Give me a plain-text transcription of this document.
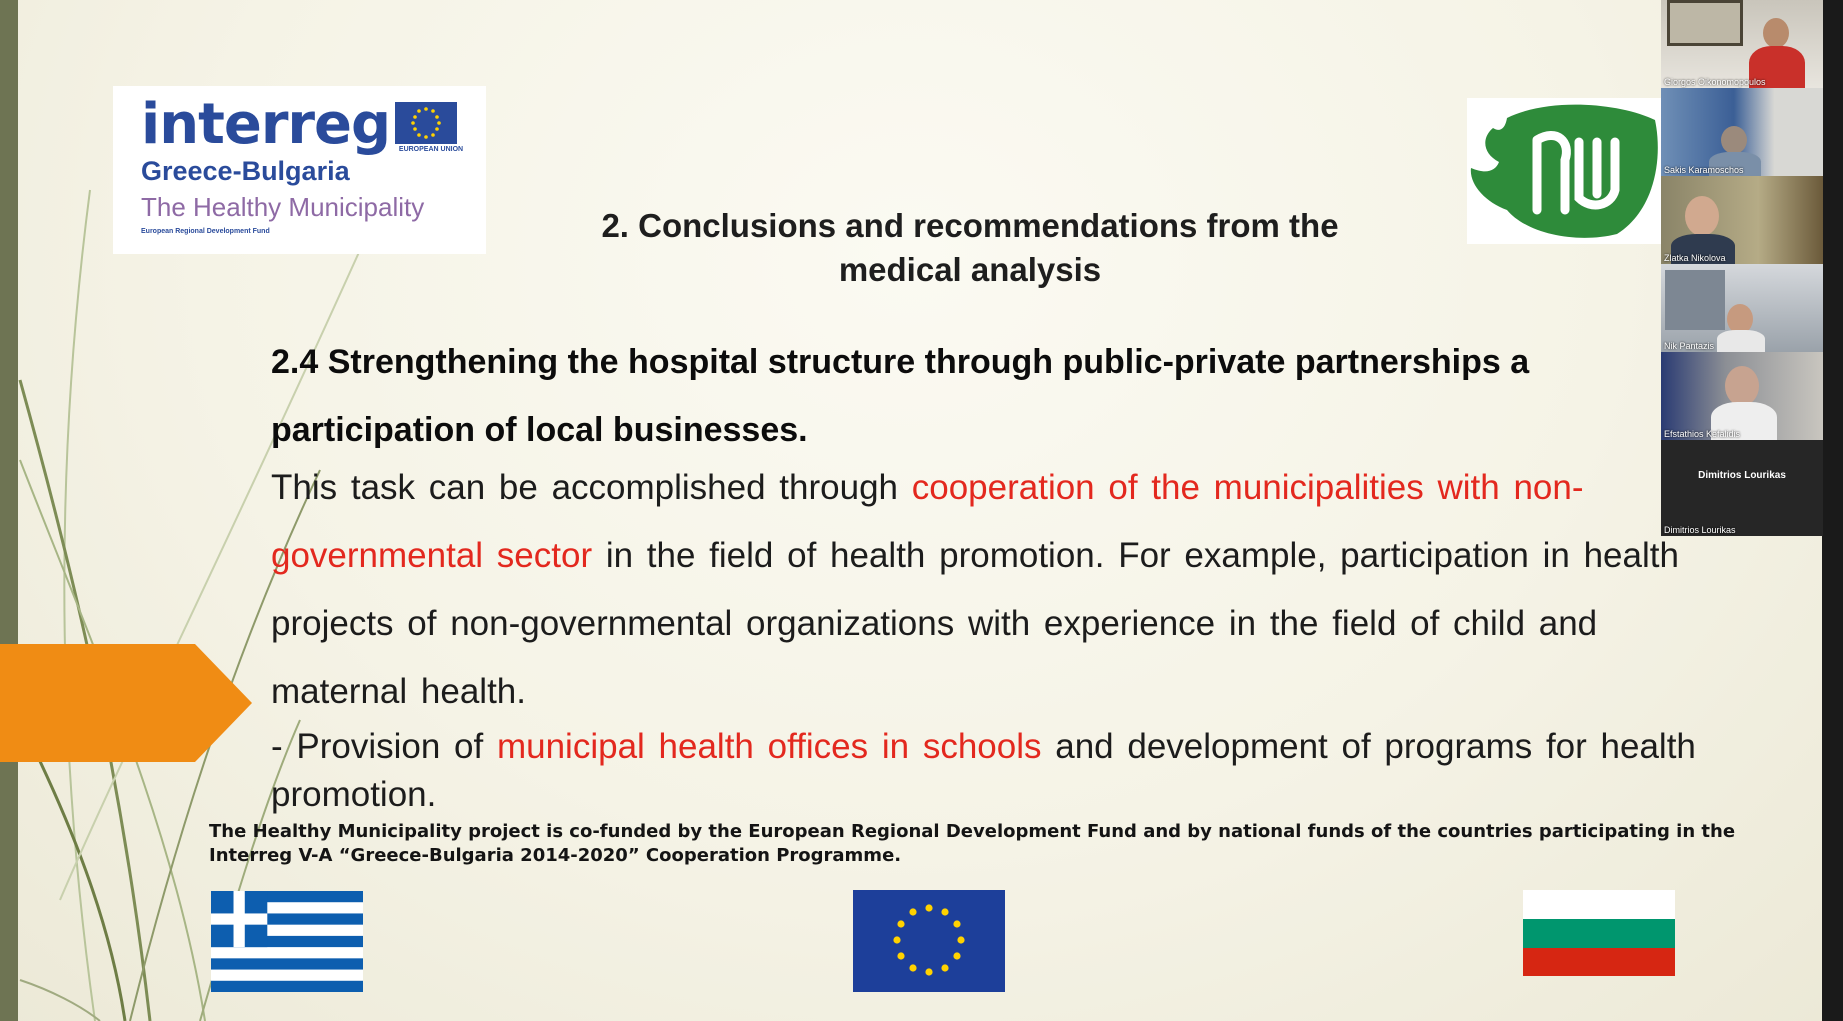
interreg	EUROPEAN UNION
Greece-Bulgaria
The Healthy Municipality
European Regional Development Fund	2. Conclusions and recommendations from the
medical analysis
2.4 Strengthening the hospital structure through public-private partnerships a
participation of local businesses.
This task can be accomplished through cooperation of the municipalities with non-
governmental sector in the field of health promotion. For example, participation in health
projects of non-governmental organizations with experience in the field of child and
maternal health.
- Provision of municipal health offices in schools and development of programs for health
promotion.
The Healthy Municipality project is co-funded by the European Regional Development Fund and by national funds of the countries participating in the Interreg V-A “Greece-Bulgaria 2014-2020” Cooperation Programme.
Giorgos Oikonomopoulos
Sakis Karamoschos
Zlatka Nikolova
Nik Pantazis
Efstathios Kefalidis
Dimitrios Lourikas
Dimitrios Lourikas
